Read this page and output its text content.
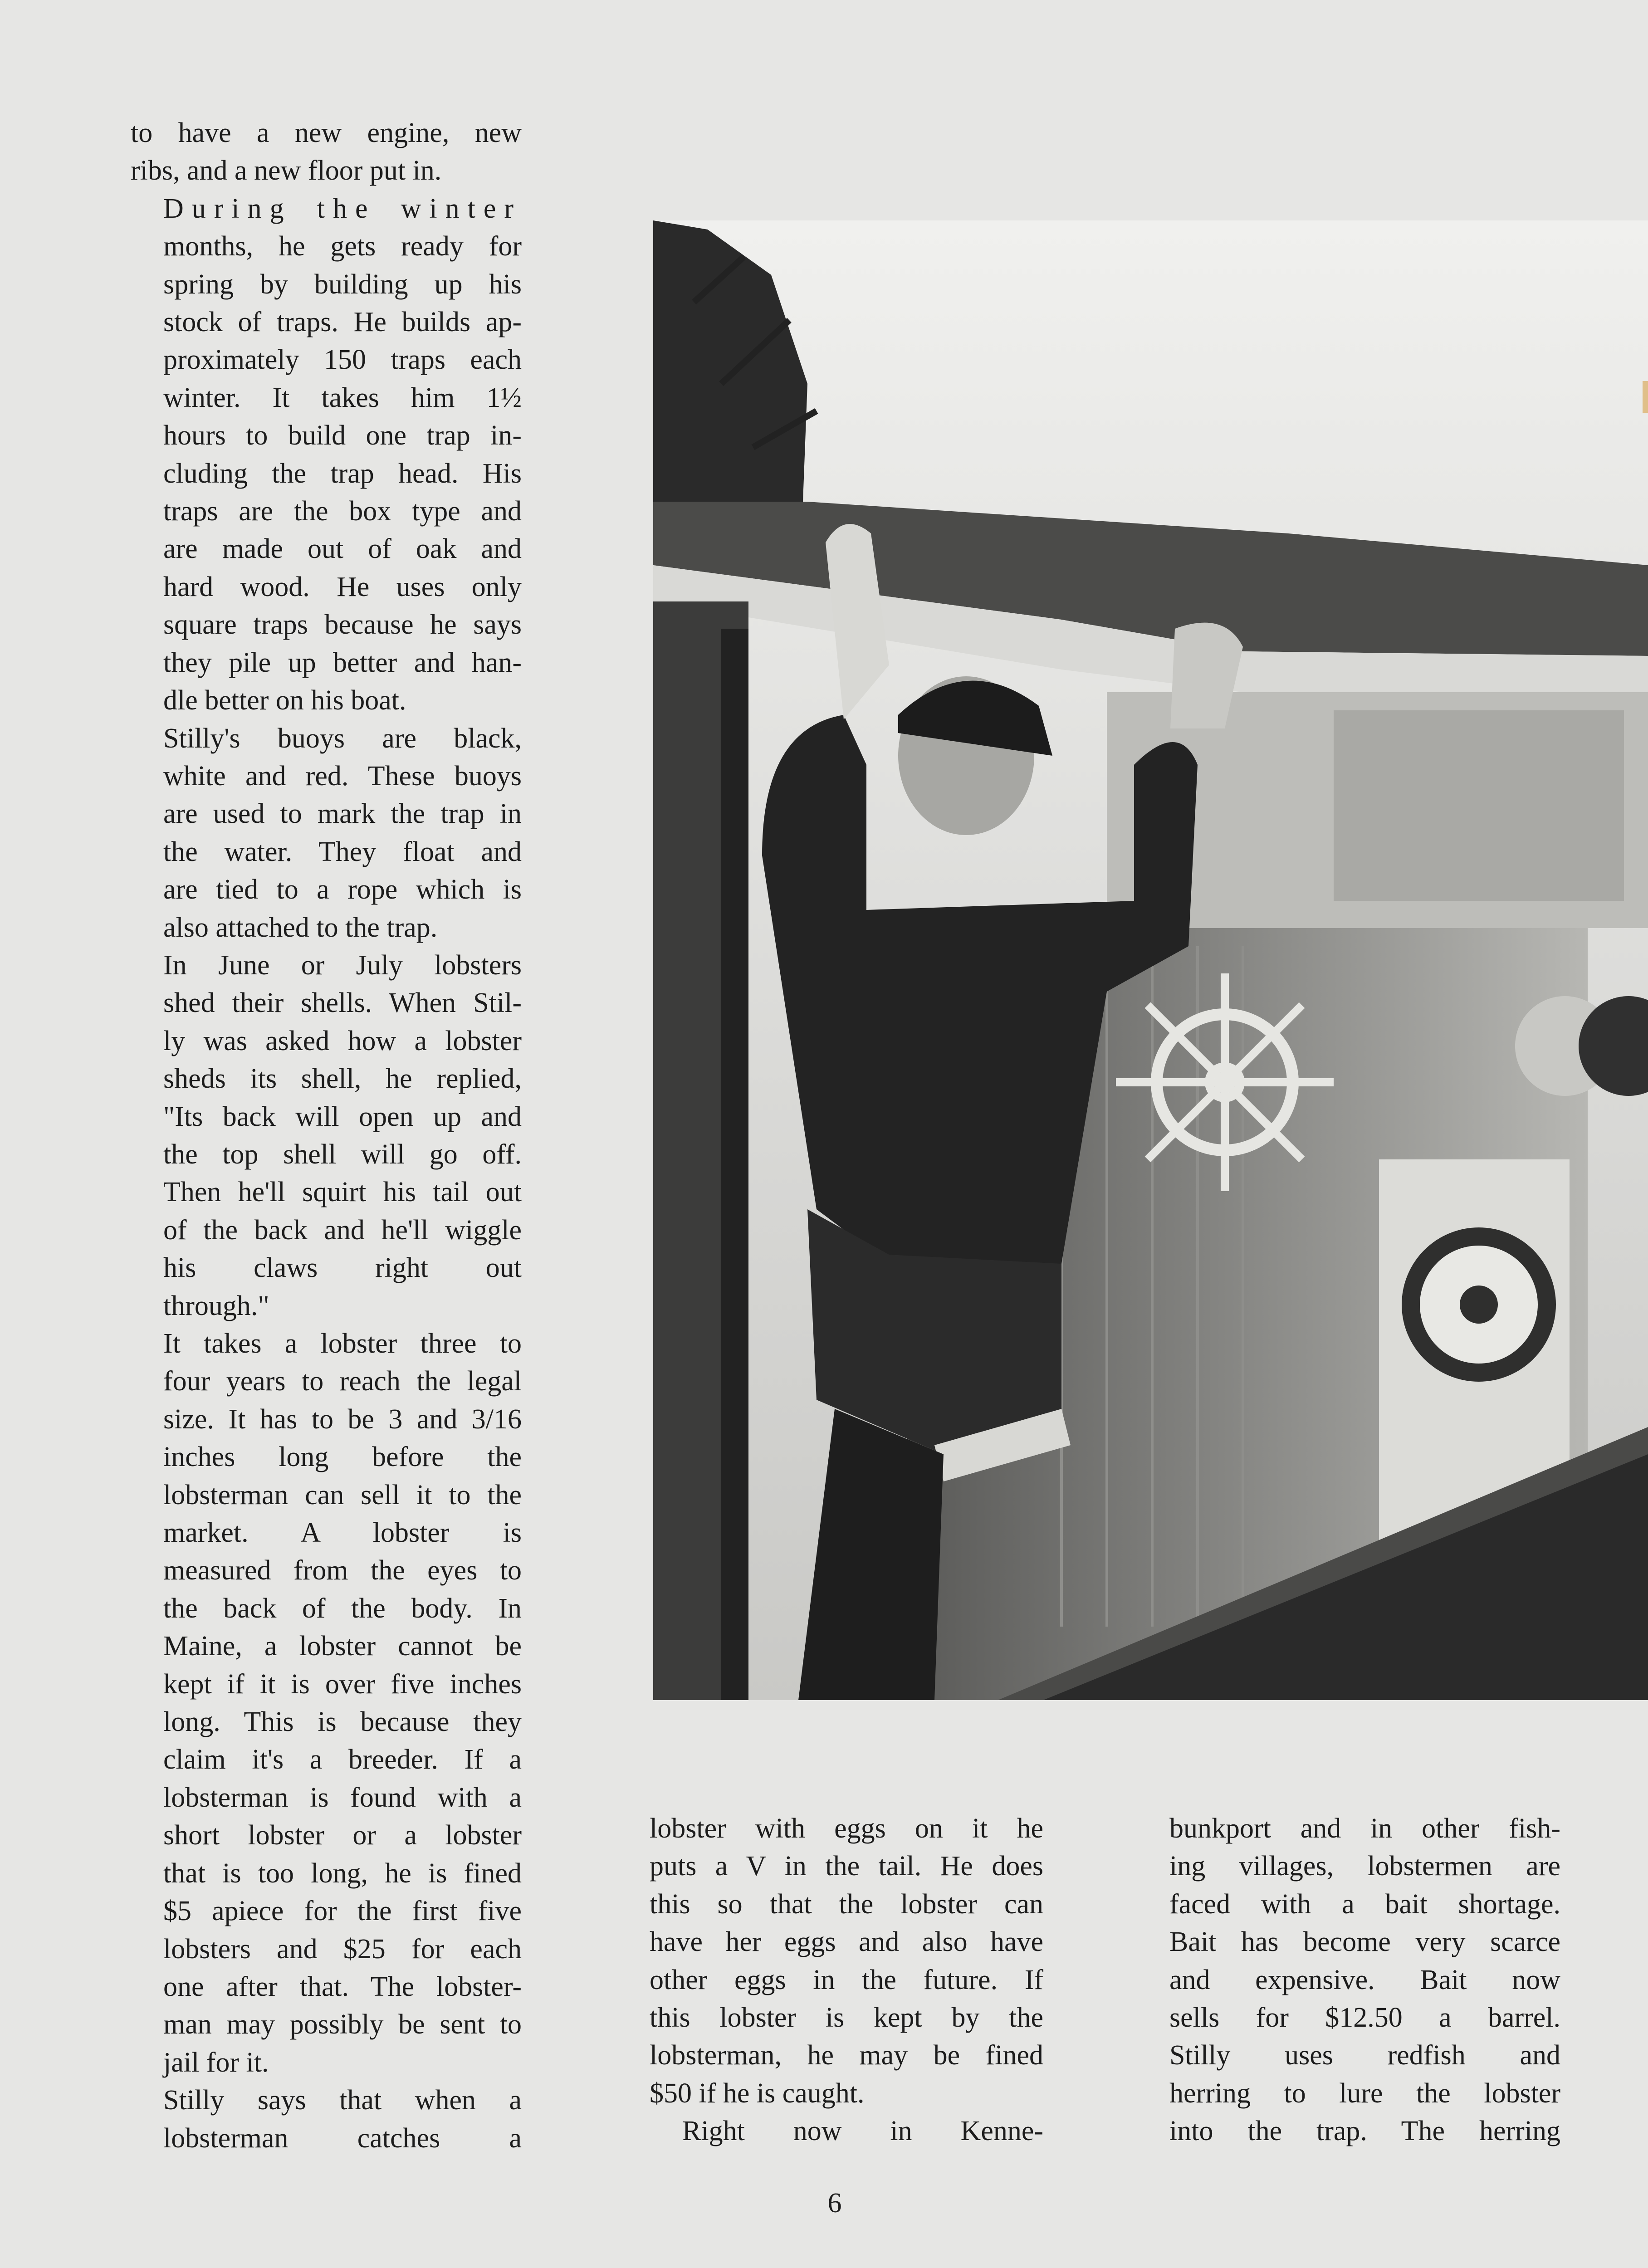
to have a new engine, new
ribs, and a new floor put in.

During the winter
months, he gets ready for
spring by building up his
stock of traps. He builds ap-
proximately 150 traps each
winter. It takes him 1½
hours to build one trap in-
cluding the trap head. His
traps are the box type and
are made out of oak and
hard wood. He uses only
square traps because he says
they pile up better and han-
dle better on his boat.

Stilly's buoys are black,
white and red. These buoys
are used to mark the trap in
the water. They float and
are tied to a rope which is
also attached to the trap.

In June or July lobsters
shed their shells. When Stil-
ly was asked how a lobster
sheds its shell, he replied,
"Its back will open up and
the top shell will go off.
Then he'll squirt his tail out
of the back and he'll wiggle
his claws right out
through."

It takes a lobster three to
four years to reach the legal
size. It has to be 3 and 3/16
inches long before the
lobsterman can sell it to the
market. A lobster is
measured from the eyes to
the back of the body. In
Maine, a lobster cannot be
kept if it is over five inches
long. This is because they
claim it's a breeder. If a
lobsterman is found with a
short lobster or a lobster
that is too long, he is fined
$5 apiece for the first five
lobsters and $25 for each
one after that. The lobster-
man may possibly be sent to
jail for it.

Stilly says that when a
lobsterman catches a

lobster with eggs on it he
puts a V in the tail. He does
this so that the lobster can
have her eggs and also have
other eggs in the future. If
this lobster is kept by the
lobsterman, he may be fined
$50 if he is caught.

Right now in Kenne-

bunkport and in other fish-
ing villages, lobstermen are
faced with a bait shortage.
Bait has become very scarce
and expensive. Bait now
sells for $12.50 a barrel.
Stilly uses redfish and
herring to lure the lobster
into the trap. The herring

6
